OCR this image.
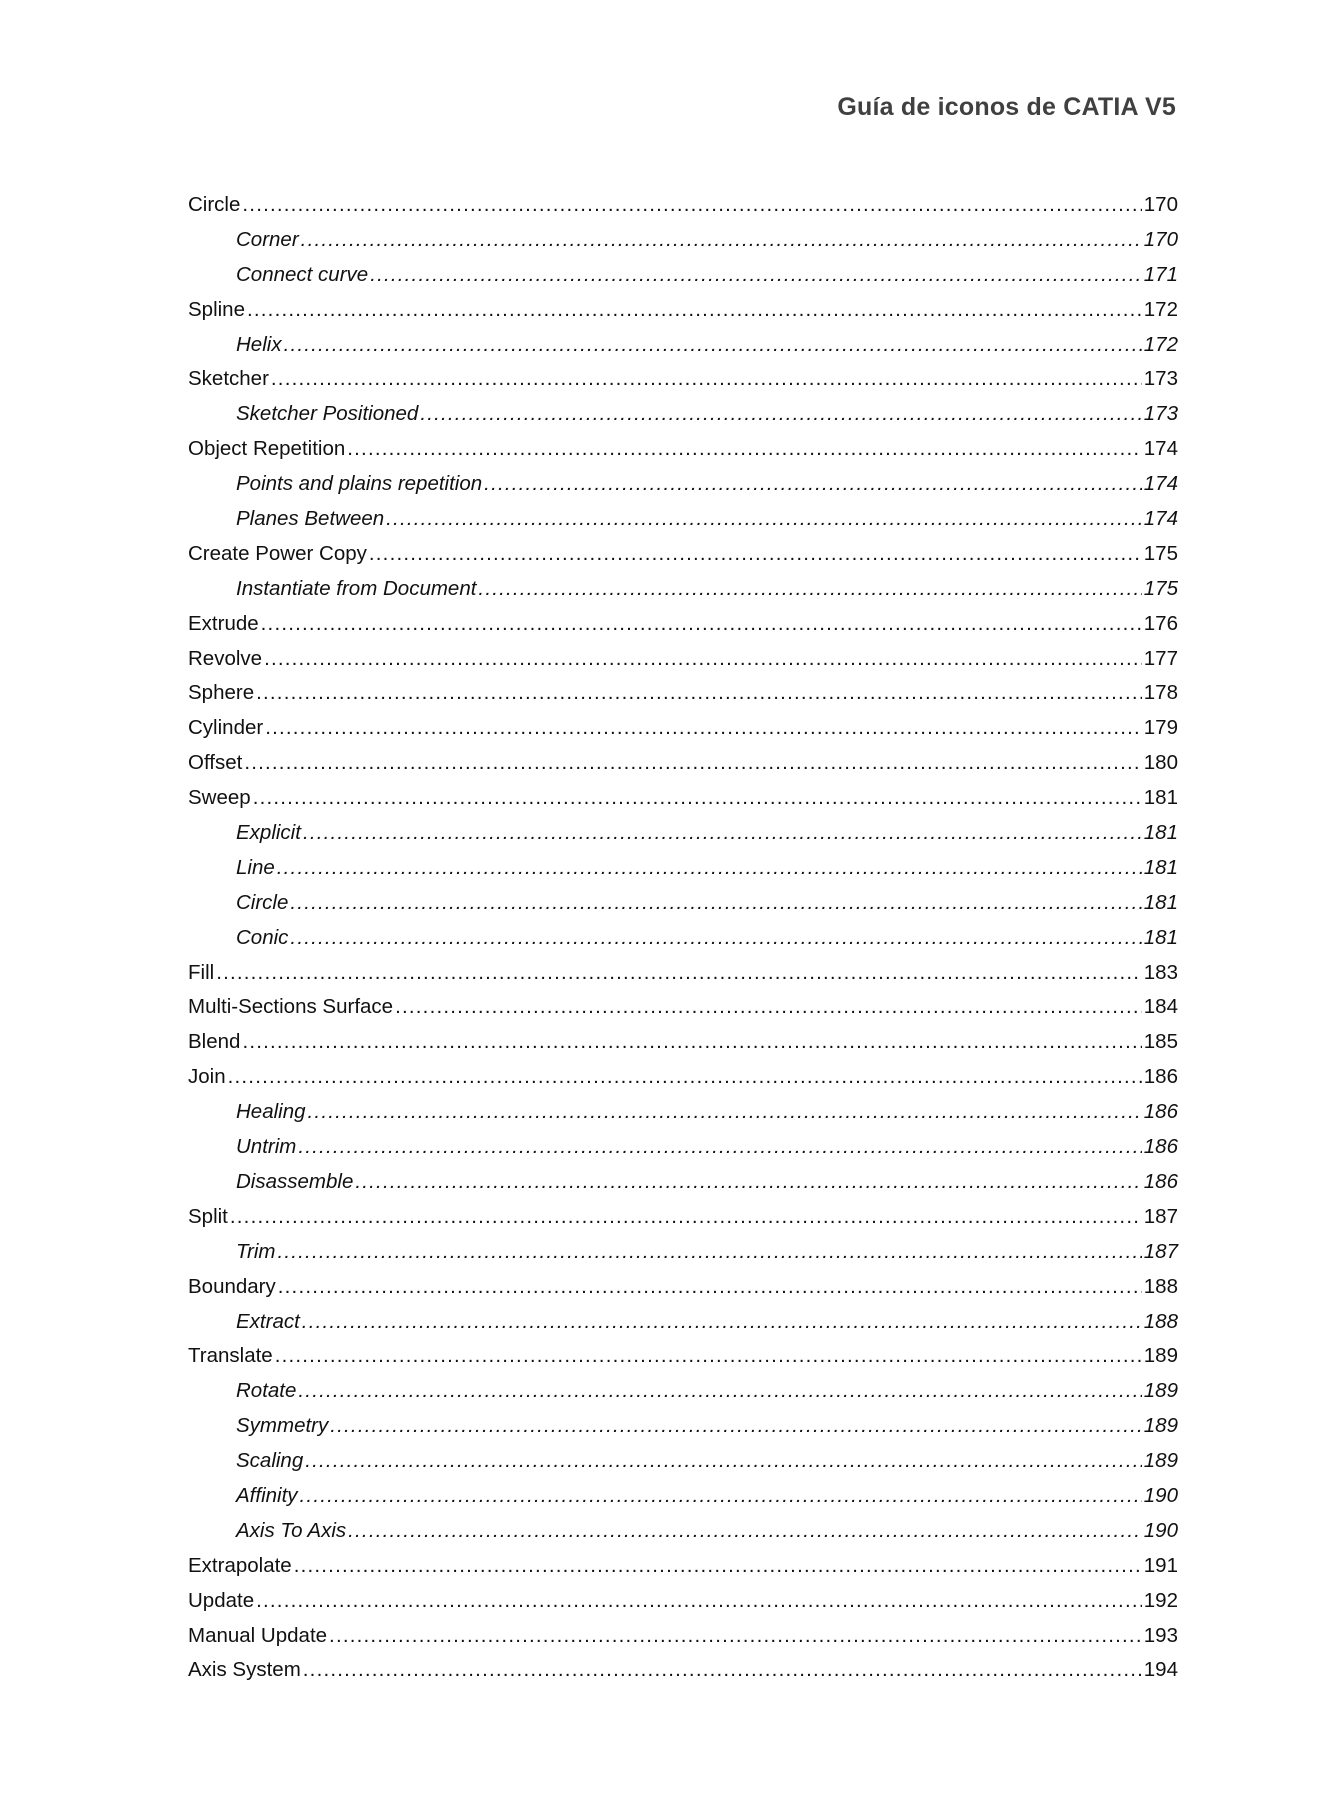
Guía de iconos de CATIA V5
Circle .....	170
Corner .....	170
Connect curve .....	171
Spline .....	172
Helix .....	172
Sketcher .....	173
Sketcher Positioned .....	173
Object Repetition .....	174
Points and plains repetition .....	174
Planes Between .....	174
Create Power Copy .....	175
Instantiate from Document .....	175
Extrude .....	176
Revolve .....	177
Sphere .....	178
Cylinder .....	179
Offset .....	180
Sweep .....	181
Explicit .....	181
Line .....	181
Circle .....	181
Conic .....	181
Fill .....	183
Multi-Sections Surface .....	184
Blend .....	185
Join .....	186
Healing .....	186
Untrim .....	186
Disassemble .....	186
Split .....	187
Trim .....	187
Boundary .....	188
Extract .....	188
Translate .....	189
Rotate .....	189
Symmetry .....	189
Scaling .....	189
Affinity .....	190
Axis To Axis .....	190
Extrapolate .....	191
Update .....	192
Manual Update .....	193
Axis System .....	194
